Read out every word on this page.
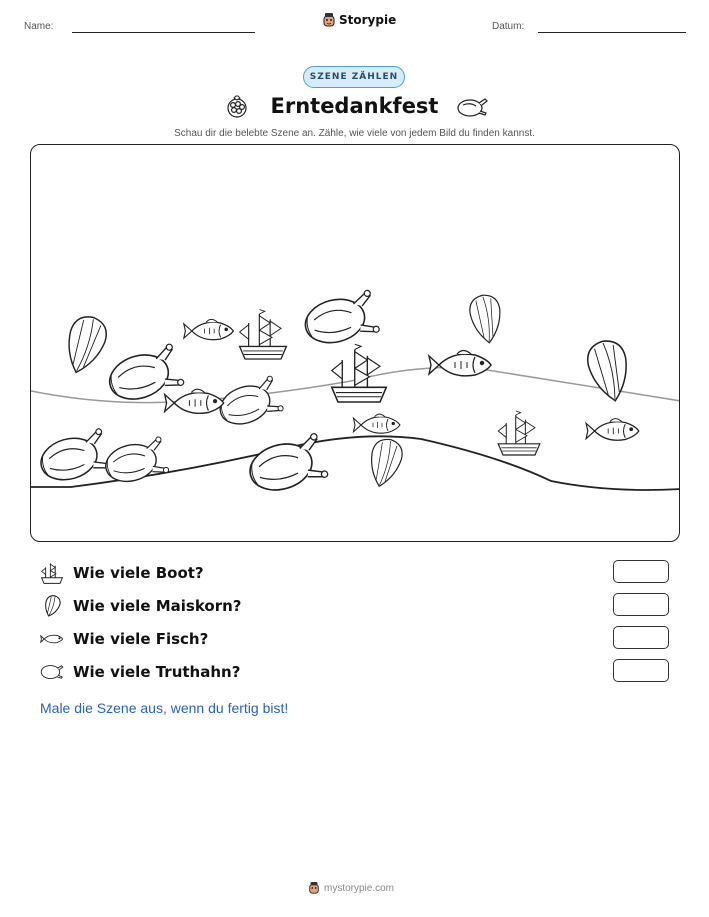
Name:	Storypie	Datum:
SZENE ZÄHLEN
Erntedankfest
Schau dir die belebte Szene an. Zähle, wie viele von jedem Bild du finden kannst.
Wie viele Boot?
Wie viele Maiskorn?
Wie viele Fisch?
Wie viele Truthahn?
Male die Szene aus, wenn du fertig bist!
mystorypie.com
